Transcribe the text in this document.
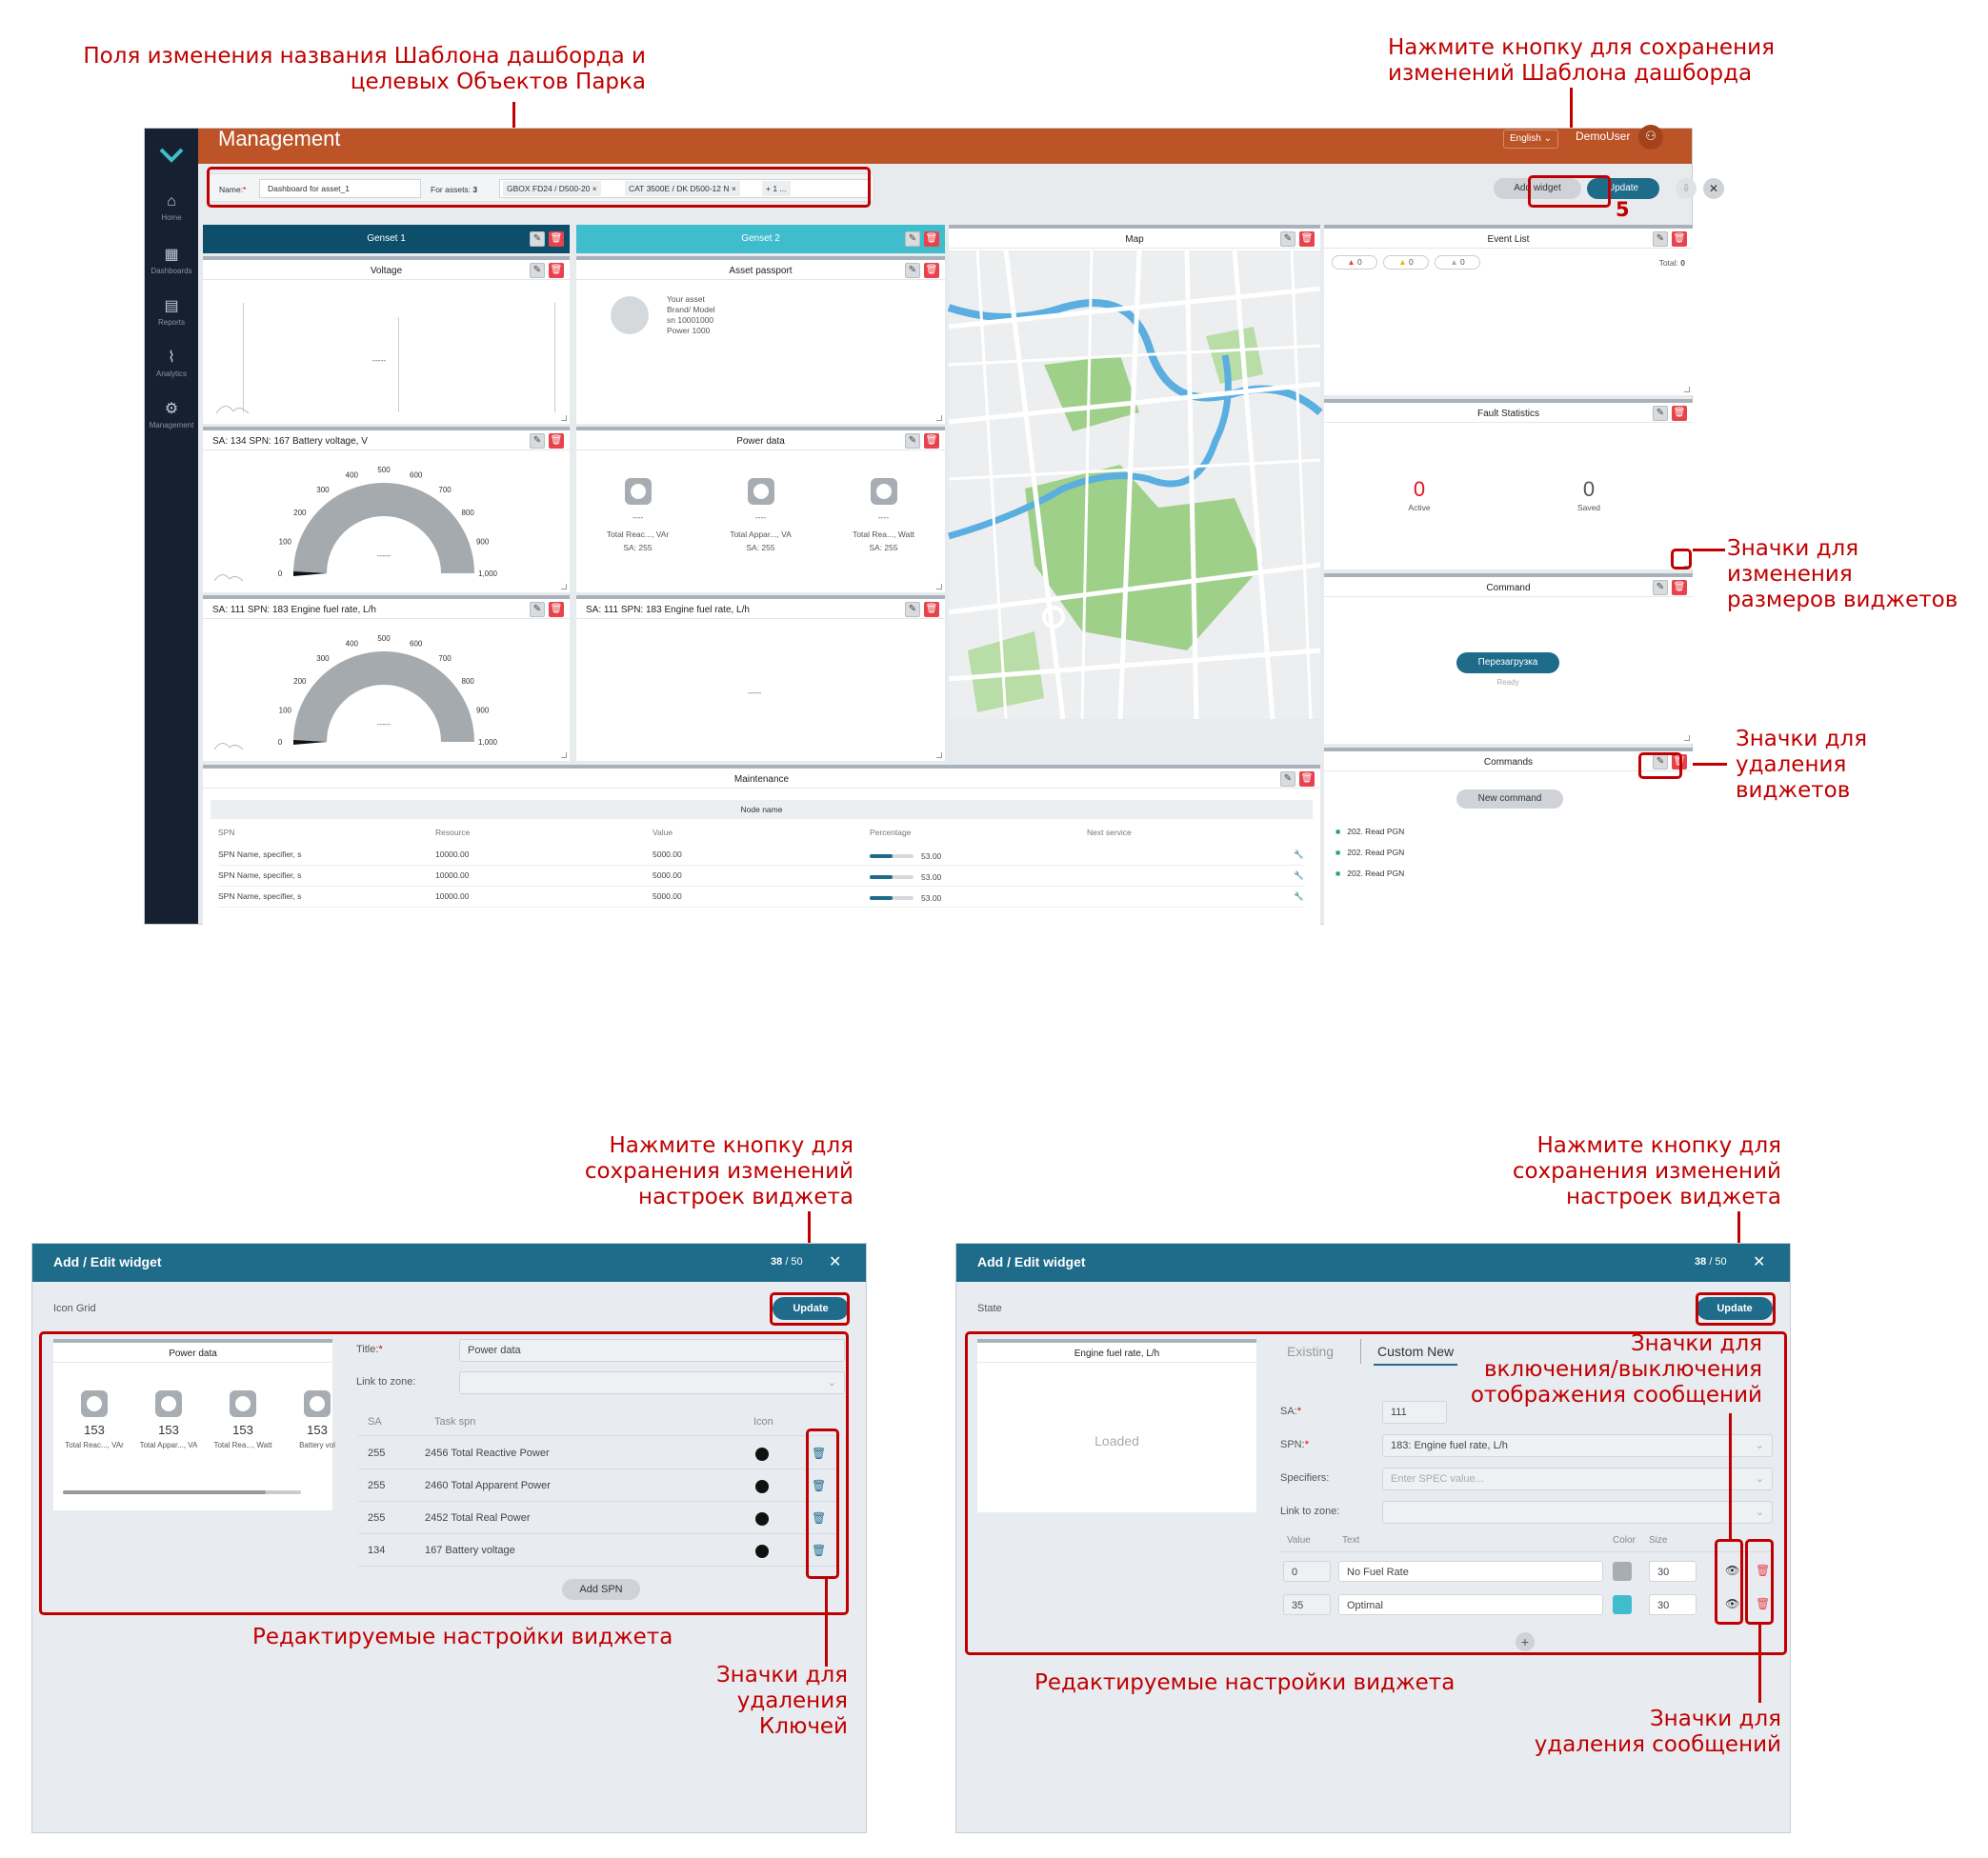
Поля изменения названия Шаблона дашборда и
целевых Объектов Парка
Нажмите кнопку для сохранения
изменений Шаблона дашборда
Значки для изменения
размеров виджетов
Значки для
удаления
виджетов
⌂
Home
▦
Dashboards
▤
Reports
⌇
Analytics
⚙
Management
Management	English ⌄	DemoUser	⚇
Name:*	Dashboard for asset_1	For assets: 3	GBOX FD24 / D500-20 ×	CAT 3500E / DK D500-12 N ×	+ 1 ...	Add widget	Update	⇩	✕
Genset 1	✎ 🗑	Genset 2	✎ 🗑
Voltage	✎ 🗑
-----
Asset passport	✎ 🗑
Your asset
Brand/ Model
sn 10001000
Power 1000
SA: 134 SPN: 167 Battery voltage, V	✎ 🗑
0
100
200
300
400
500
600
700
800
900
1,000
-----
Power data	✎ 🗑
----
Total Reac..., VAr
SA: 255
----
Total Appar..., VA
SA: 255
----
Total Rea..., Watt
SA: 255
SA: 111 SPN: 183 Engine fuel rate, L/h	✎ 🗑
0
100
200
300
400
500
600
700
800
900
1,000
-----
SA: 111 SPN: 183 Engine fuel rate, L/h	✎ 🗑
-----
Map	✎ 🗑	Event List	✎ 🗑
▲ 0	▲ 0	▲ 0	Total: 0
Fault Statistics	✎ 🗑
0
Active
0
Saved
Command	✎ 🗑
Перезагрузка
Ready
Commands	✎ 🗑
New command
■ 202. Read PGN
■ 202. Read PGN
■ 202. Read PGN
Maintenance	✎ 🗑
Node name
SPN	Resource	Value	Percentage	Next service
SPN Name, specifier, s	10000.00	5000.00	53.00	🔧
SPN Name, specifier, s	10000.00	5000.00	53.00	🔧
SPN Name, specifier, s	10000.00	5000.00	53.00	🔧
5
Нажмите кнопку для
сохранения изменений
настроек виджета
Add / Edit widget	38 / 50 ✕
Icon Grid	Update
Power data
153
Total Reac..., VAr
153
Total Appar..., VA
153
Total Rea..., Watt
153
Battery vol
Title:*	Power data
Link to zone:	⌄
SA	Task spn	Icon
255	2456 Total Reactive Power	🗑
255	2460 Total Apparent Power	🗑
255	2452 Total Real Power	🗑
134	167 Battery voltage	🗑
Add SPN
Редактируемые настройки виджета
Значки для
удаления
Ключей
Нажмите кнопку для
сохранения изменений
настроек виджета
Add / Edit widget	38 / 50 ✕
State	Update
Engine fuel rate, L/h
Loaded
Existing	Custom New
SA:*	111
SPN:*	183: Engine fuel rate, L/h	⌄
Specifiers:	Enter SPEC value...	⌄
Link to zone:	⌄
Value	Text	Color Size
0	No Fuel Rate	30	👁 🗑
35	Optimal	30	👁 🗑
+
Значки для
включения/выключения
отображения сообщений
Редактируемые настройки виджета
Значки для
удаления сообщений
